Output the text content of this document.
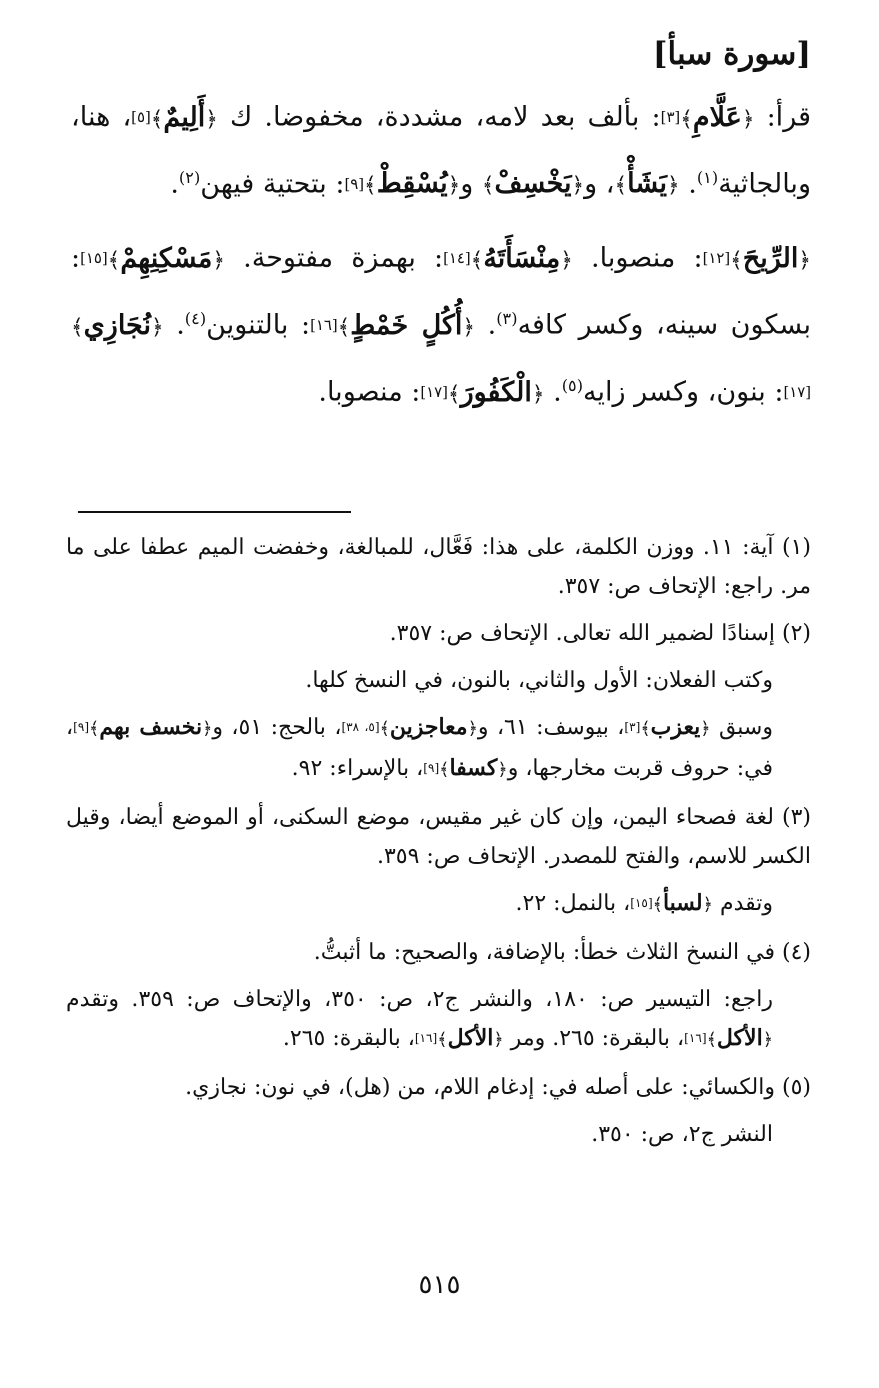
[سورة سبأ]

قرأ: ﴿عَلَّامِ﴾[٣]: بألف بعد لامه، مشددة، مخفوضا. ك ﴿أَلِيمٌ﴾[٥]، هنا، وبالجاثية$^{(١)}$. ﴿يَشَأْ﴾، و﴿يَخْسِفْ﴾ و﴿يُسْقِطْ﴾[٩]: بتحتية فيهن$^{(٢)}$.

﴿الرِّيحَ﴾[١٢]: منصوبا. ﴿مِنْسَأَتَهُ﴾[١٤]: بهمزة مفتوحة. ﴿مَسْكِنِهِمْ﴾[١٥]: بسكون سينه، وكسر كافه$^{(٣)}$. ﴿أُكُلٍ خَمْطٍ﴾[١٦]: بالتنوين$^{(٤)}$. ﴿نُجَازِي﴾[١٧]: بنون، وكسر زايه$^{(٥)}$. ﴿الْكَفُورَ﴾[١٧]: منصوبا.

(١) آية: ١١. ووزن الكلمة، على هذا: فَعَّال، للمبالغة، وخفضت الميم عطفا على ما مر. راجع: الإتحاف ص: ٣٥٧.

(٢) إسنادًا لضمير الله تعالى. الإتحاف ص: ٣٥٧.

وكتب الفعلان: الأول والثاني، بالنون، في النسخ كلها.

وسبق ﴿يعزب﴾[٣]، بيوسف: ٦١، و﴿معاجزين﴾[٥، ٣٨]، بالحج: ٥١، و﴿نخسف بهم﴾[٩]، في: حروف قربت مخارجها، و﴿كسفا﴾[٩]، بالإسراء: ٩٢.

(٣) لغة فصحاء اليمن، وإن كان غير مقيس، موضع السكنى، أو الموضع أيضا، وقيل الكسر للاسم، والفتح للمصدر. الإتحاف ص: ٣٥٩.

وتقدم ﴿لسبأ﴾[١٥]، بالنمل: ٢٢.

(٤) في النسخ الثلاث خطأ: بالإضافة، والصحيح: ما أثبتُّ.

راجع: التيسير ص: ١٨٠، والنشر ج٢، ص: ٣٥٠، والإتحاف ص: ٣٥٩. وتقدم ﴿الأكل﴾[١٦]، بالبقرة: ٢٦٥. ومر ﴿الأكل﴾[١٦]، بالبقرة: ٢٦٥.

(٥) والكسائي: على أصله في: إدغام اللام، من (هل)، في نون: نجازي.

النشر ج٢، ص: ٣٥٠.

٥١٥
